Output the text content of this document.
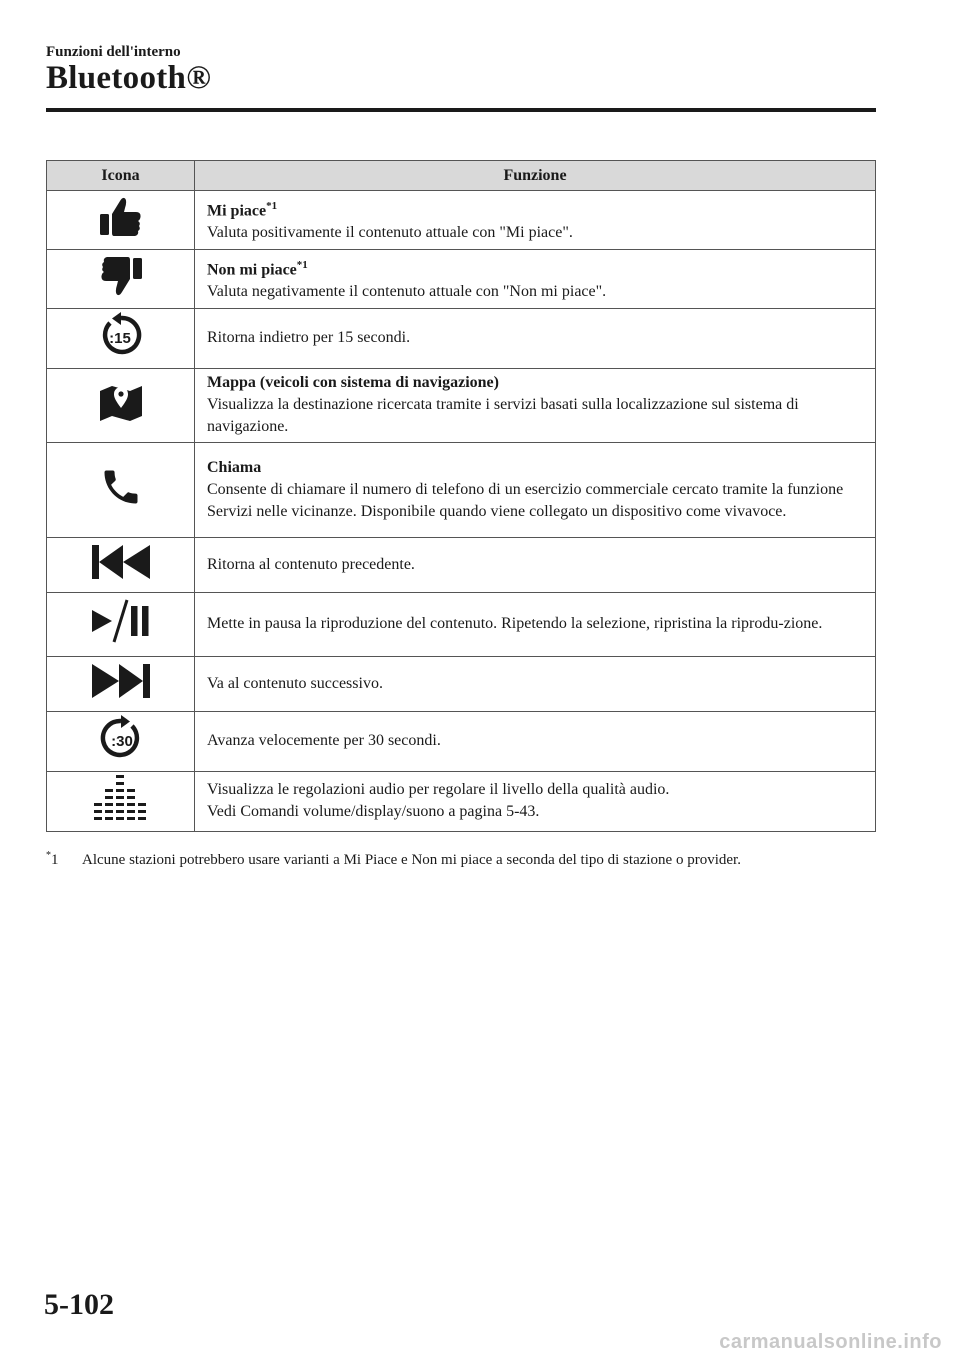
Funzioni dell'interno
Bluetooth®
Icona	Funzione

Mi piace$^{*1}$
Valuta positivamente il contenuto attuale con "Mi piace".

Non mi piace$^{*1}$
Valuta negativamente il contenuto attuale con "Non mi piace".

:15	Ritorna indietro per 15 secondi.

Mappa (veicoli con sistema di navigazione)
Visualizza la destinazione ricercata tramite i servizi basati sulla localizzazione sul sistema di navigazione.

Chiama
Consente di chiamare il numero di telefono di un esercizio commerciale cercato tramite la funzione Servizi nelle vicinanze. Disponibile quando viene collegato un dispositivo come vivavoce.
	Ritorna al contenuto precedente.
	Mette in pausa la riproduzione del contenuto. Ripetendo la selezione, ripristina la riprodu-zione.
	Va al contenuto successivo.

:30	Avanza velocemente per 30 secondi.
	Visualizza le regolazioni audio per regolare il livello della qualità audio.
Vedi Comandi volume/display/suono a pagina 5-43.
*1 Alcune stazioni potrebbero usare varianti a Mi Piace e Non mi piace a seconda del tipo di stazione o provider.
5-102
carmanualsonline.info
